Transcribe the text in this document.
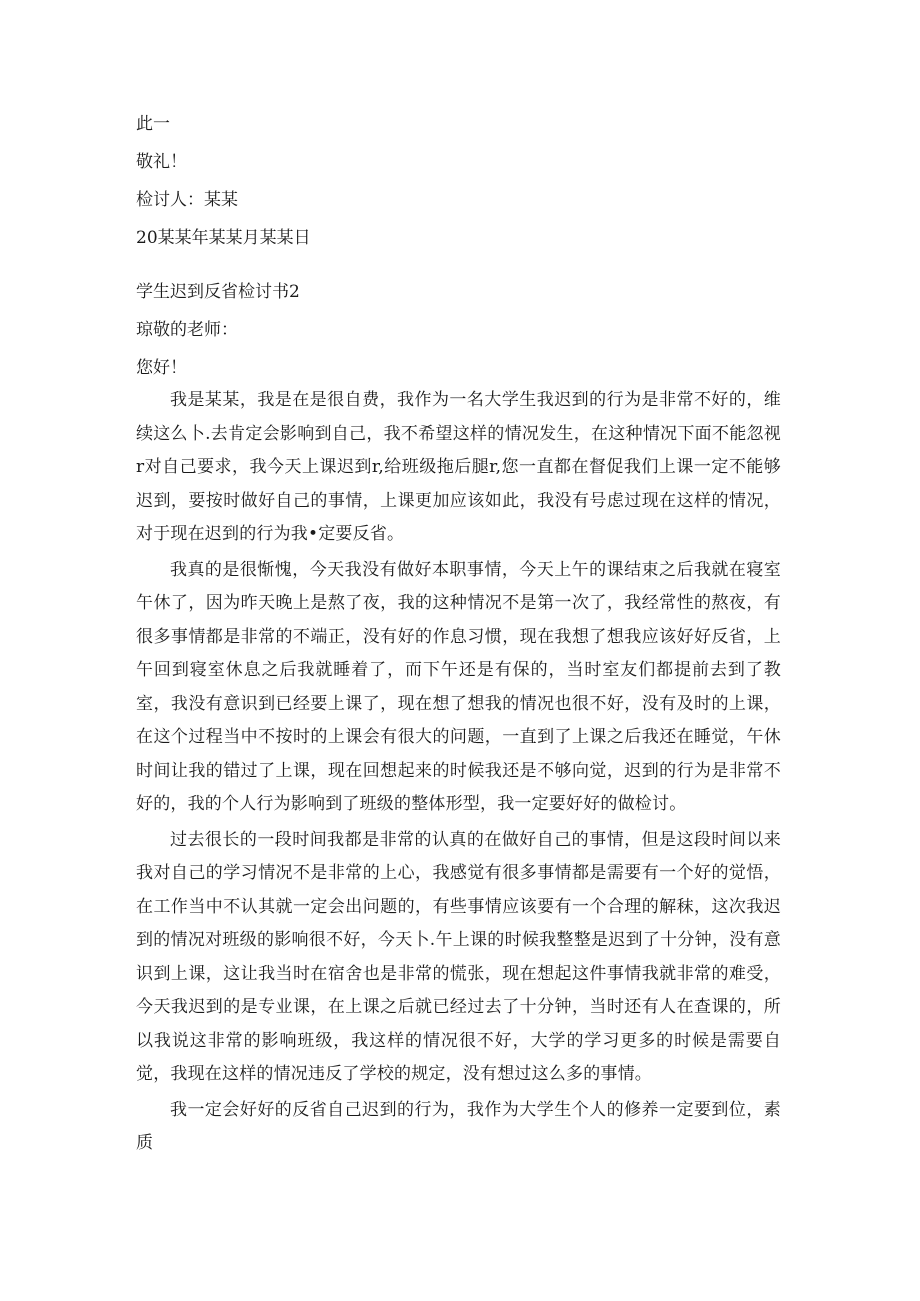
此一

敬礼！

检讨人：某某

20某某年某某月某某日

学生迟到反省检讨书2

琼敬的老师：

您好！

我是某某，我是在是很自费，我作为一名大学生我迟到的行为是非常不好的，维续这么卜.去肯定会影响到自己，我不希望这样的情况发生，在这种情况下面不能忽视r对自己要求，我今天上课迟到r,给班级拖后腿r,您一直都在督促我们上课一定不能够迟到，要按时做好自己的事情，上课更加应该如此，我没有号虑过现在这样的情况，对于现在迟到的行为我•定要反省。

我真的是很惭愧，今天我没有做好本职事情，今天上午的课结束之后我就在寝室午休了，因为昨天晚上是熬了夜，我的这种情况不是第一次了，我经常性的熬夜，有很多事情都是非常的不端正，没有好的作息习惯，现在我想了想我应该好好反省，上午回到寝室休息之后我就睡着了，而下午还是有保的，当时室友们都提前去到了教室，我没有意识到已经要上课了，现在想了想我的情况也很不好，没有及时的上课，在这个过程当中不按时的上课会有很大的问题，一直到了上课之后我还在睡觉，午休时间让我的错过了上课，现在回想起来的时候我还是不够向觉，迟到的行为是非常不好的，我的个人行为影响到了班级的整体形型，我一定要好好的做检讨。

过去很长的一段时间我都是非常的认真的在做好自己的事情，但是这段时间以来我对自己的学习情况不是非常的上心，我感觉有很多事情都是需要有一个好的觉悟，在工作当中不认其就一定会出问题的，有些事情应该要有一个合理的解秣，这次我迟到的情况对班级的影响很不好，今天卜.午上课的时候我整整是迟到了十分钟，没有意识到上课，这让我当时在宿舍也是非常的慌张，现在想起这件事情我就非常的难受，今天我迟到的是专业课，在上课之后就已经过去了十分钟，当时还有人在查课的，所以我说这非常的影响班级，我这样的情况很不好，大学的学习更多的时候是需要自觉，我现在这样的情况违反了学校的规定，没有想过这么多的事情。

我一定会好好的反省自己迟到的行为，我作为大学生个人的修养一定要到位，素质
